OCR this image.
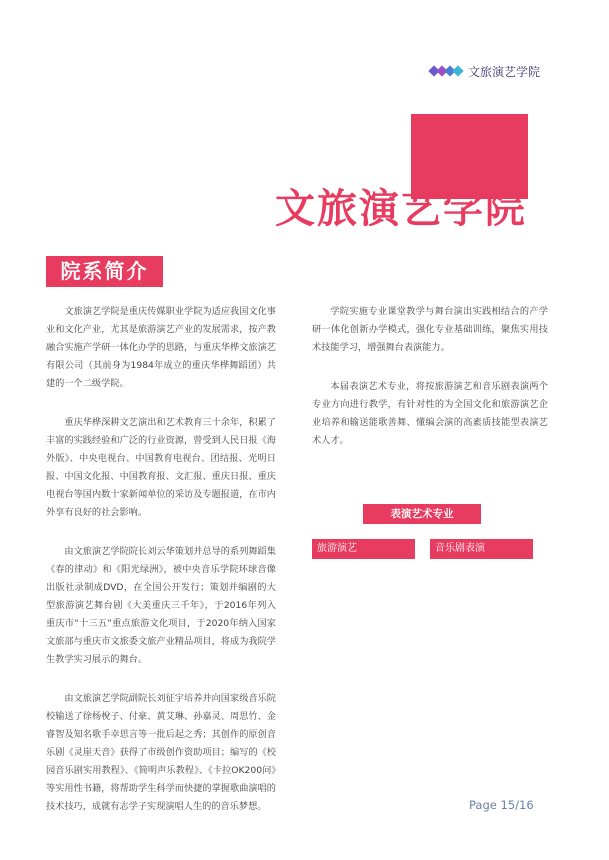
文旅演艺学院
文旅演艺学院
院系简介

文旅演艺学院是重庆传媒职业学院为适应我国文化事业和文化产业，尤其是旅游演艺产业的发展需求，按产教融合实施产学研一体化办学的思路，与重庆华桦文旅演艺有限公司（其前身为1984年成立的重庆华桦舞蹈团）共建的一个二级学院。

重庆华桦深耕文艺演出和艺术教育三十余年，积累了丰富的实践经验和广泛的行业资源，曾受到人民日报《海外版》、中央电视台、中国教育电视台、团结报、光明日报、中国文化报、中国教育报、文汇报、重庆日报、重庆电视台等国内数十家新闻单位的采访及专题报道，在市内外享有良好的社会影响。

由文旅演艺学院院长刘云华策划并总导的系列舞蹈集《春的律动》和《阳光绿洲》，被中央音乐学院环球音像出版社录制成DVD，在全国公开发行；策划并编剧的大型旅游演艺舞台剧《大美重庆三千年》，于2016年列入重庆市“十三五”重点旅游文化项目，于2020年纳入国家文旅部与重庆市文旅委文旅产业精品项目，将成为我院学生教学实习展示的舞台。

由文旅演艺学院副院长刘征宇培养并向国家级音乐院校输送了徐杨梲子、付豪、黄艾琳、孙嘉灵、周思竹、金睿智及知名歌手幸思言等一批后起之秀；其创作的原创音乐剧《灵崖天音》获得了市级创作资助项目；编写的《校园音乐剧实用教程》、《简明声乐教程》、《卡拉OK200问》等实用性书籍，将帮助学生科学而快捷的掌握歌曲演唱的技术技巧，成就有志学子实现演唱人生的的音乐梦想。

学院实施专业课堂教学与舞台演出实践相结合的产学研一体化创新办学模式，强化专业基础训练，聚焦实用技术技能学习，增强舞台表演能力。

本届表演艺术专业，将按旅游演艺和音乐剧表演两个专业方向进行教学，有针对性的为全国文化和旅游演艺企业培养和输送能歌善舞、懂编会演的高素质技能型表演艺术人才。

表演艺术专业
旅游演艺	音乐剧表演
Page 15/16
